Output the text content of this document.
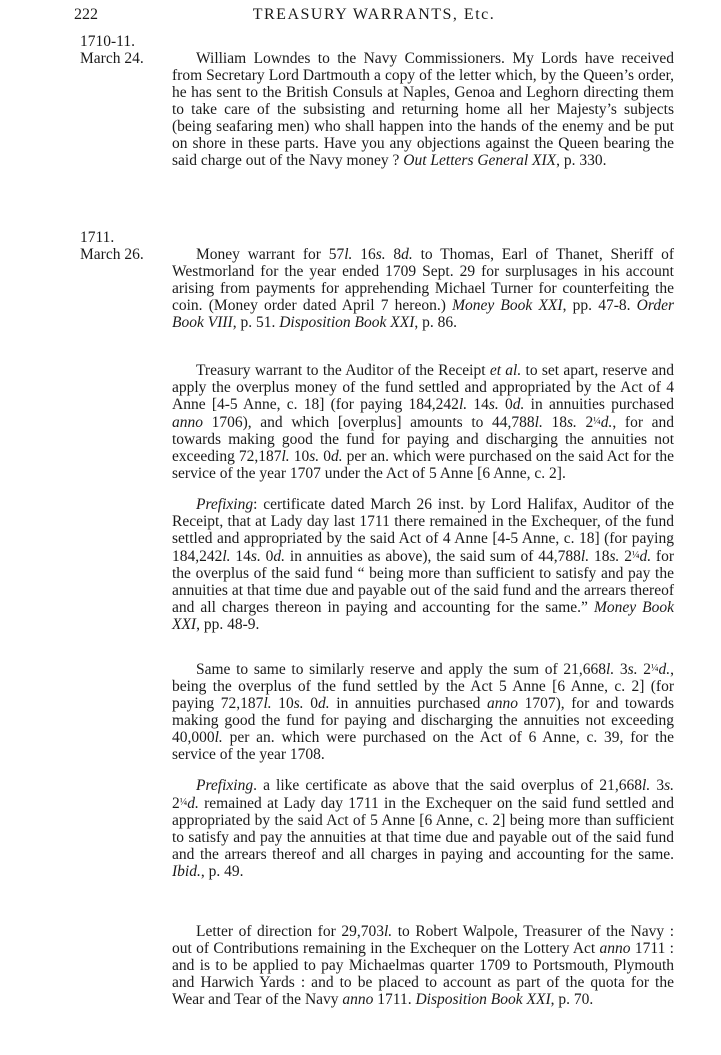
222	TREASURY WARRANTS, Etc.
1710-11.
March 24.	William Lowndes to the Navy Commissioners. My Lords have received from Secretary Lord Dartmouth a copy of the letter which, by the Queen’s order, he has sent to the British Consuls at Naples, Genoa and Leghorn directing them to take care of the subsisting and returning home all her Majesty’s subjects (being seafaring men) who shall happen into the hands of the enemy and be put on shore in these parts. Have you any objections against the Queen bearing the said charge out of the Navy money ? Out Letters General XIX, p. 330.

1711.
March 26.	Money warrant for 57l. 16s. 8d. to Thomas, Earl of Thanet, Sheriff of Westmorland for the year ended 1709 Sept. 29 for surplusages in his account arising from payments for apprehending Michael Turner for counterfeiting the coin. (Money order dated April 7 hereon.) Money Book XXI, pp. 47-8. Order Book VIII, p. 51. Disposition Book XXI, p. 86.

Treasury warrant to the Auditor of the Receipt et al. to set apart, reserve and apply the overplus money of the fund settled and appropriated by the Act of 4 Anne [4-5 Anne, c. 18] (for paying 184,242l. 14s. 0d. in annuities purchased anno 1706), and which [overplus] amounts to 44,788l. 18s. 2¼d., for and towards making good the fund for paying and discharging the annuities not exceeding 72,187l. 10s. 0d. per an. which were purchased on the said Act for the service of the year 1707 under the Act of 5 Anne [6 Anne, c. 2].

Prefixing: certificate dated March 26 inst. by Lord Halifax, Auditor of the Receipt, that at Lady day last 1711 there remained in the Exchequer, of the fund settled and appropriated by the said Act of 4 Anne [4-5 Anne, c. 18] (for paying 184,242l. 14s. 0d. in annuities as above), the said sum of 44,788l. 18s. 2¼d. for the overplus of the said fund “ being more than sufficient to satisfy and pay the annuities at that time due and payable out of the said fund and the arrears thereof and all charges thereon in paying and accounting for the same.” Money Book XXI, pp. 48-9.

Same to same to similarly reserve and apply the sum of 21,668l. 3s. 2¼d., being the overplus of the fund settled by the Act 5 Anne [6 Anne, c. 2] (for paying 72,187l. 10s. 0d. in annuities purchased anno 1707), for and towards making good the fund for paying and discharging the annuities not exceeding 40,000l. per an. which were purchased on the Act of 6 Anne, c. 39, for the service of the year 1708.

Prefixing. a like certificate as above that the said overplus of 21,668l. 3s. 2¼d. remained at Lady day 1711 in the Exchequer on the said fund settled and appropriated by the said Act of 5 Anne [6 Anne, c. 2] being more than sufficient to satisfy and pay the annuities at that time due and payable out of the said fund and the arrears thereof and all charges in paying and accounting for the same. Ibid., p. 49.

Letter of direction for 29,703l. to Robert Walpole, Treasurer of the Navy : out of Contributions remaining in the Exchequer on the Lottery Act anno 1711 : and is to be applied to pay Michaelmas quarter 1709 to Portsmouth, Plymouth and Harwich Yards : and to be placed to account as part of the quota for the Wear and Tear of the Navy anno 1711. Disposition Book XXI, p. 70.
